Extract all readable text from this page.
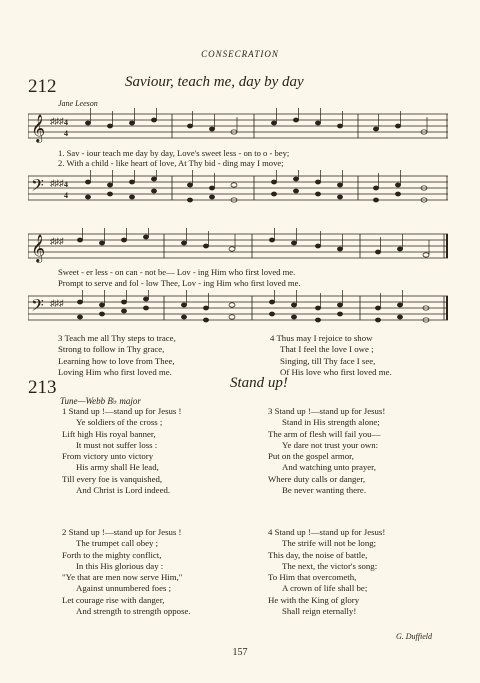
CONSECRATION
212	Saviour, teach me, day by day
Jane Leeson
𝄞 ♯♯♯ 4
4
1. Sav - iour teach me day by day, Love's sweet less - on to o - bey;
2. With a child - like heart of love, At Thy bid - ding may I move;
𝄢 ♯♯♯ 4
4
𝄞 ♯♯♯
Sweet - er less - on can - not be— Lov - ing Him who first loved me.
Prompt to serve and fol - low Thee, Lov - ing Him who first loved me.
𝄢 ♯♯♯
3 Teach me all Thy steps to trace,
Strong to follow in Thy grace,
Learning how to love from Thee,
Loving Him who first loved me.
4 Thus may I rejoice to show
That I feel the love I owe ;
Singing, till Thy face I see,
Of His love who first loved me.
213	Stand up!
Tune—Webb B♭ major
1 Stand up !—stand up for Jesus !
Ye soldiers of the cross ;
Lift high His royal banner,
It must not suffer loss :
From victory unto victory
His army shall He lead,
Till every foe is vanquished,
And Christ is Lord indeed.
2 Stand up !—stand up for Jesus !
The trumpet call obey ;
Forth to the mighty conflict,
In this His glorious day :
"Ye that are men now serve Him,"
Against unnumbered foes ;
Let courage rise with danger,
And strength to strength oppose.
3 Stand up !—stand up for Jesus!
Stand in His strength alone;
The arm of flesh will fail you—
Ye dare not trust your own:
Put on the gospel armor,
And watching unto prayer,
Where duty calls or danger,
Be never wanting there.
4 Stand up !—stand up for Jesus!
The strife will not be long;
This day, the noise of battle,
The next, the victor's song:
To Him that overcometh,
A crown of life shall be;
He with the King of glory
Shall reign eternally!
G. Duffield
157
